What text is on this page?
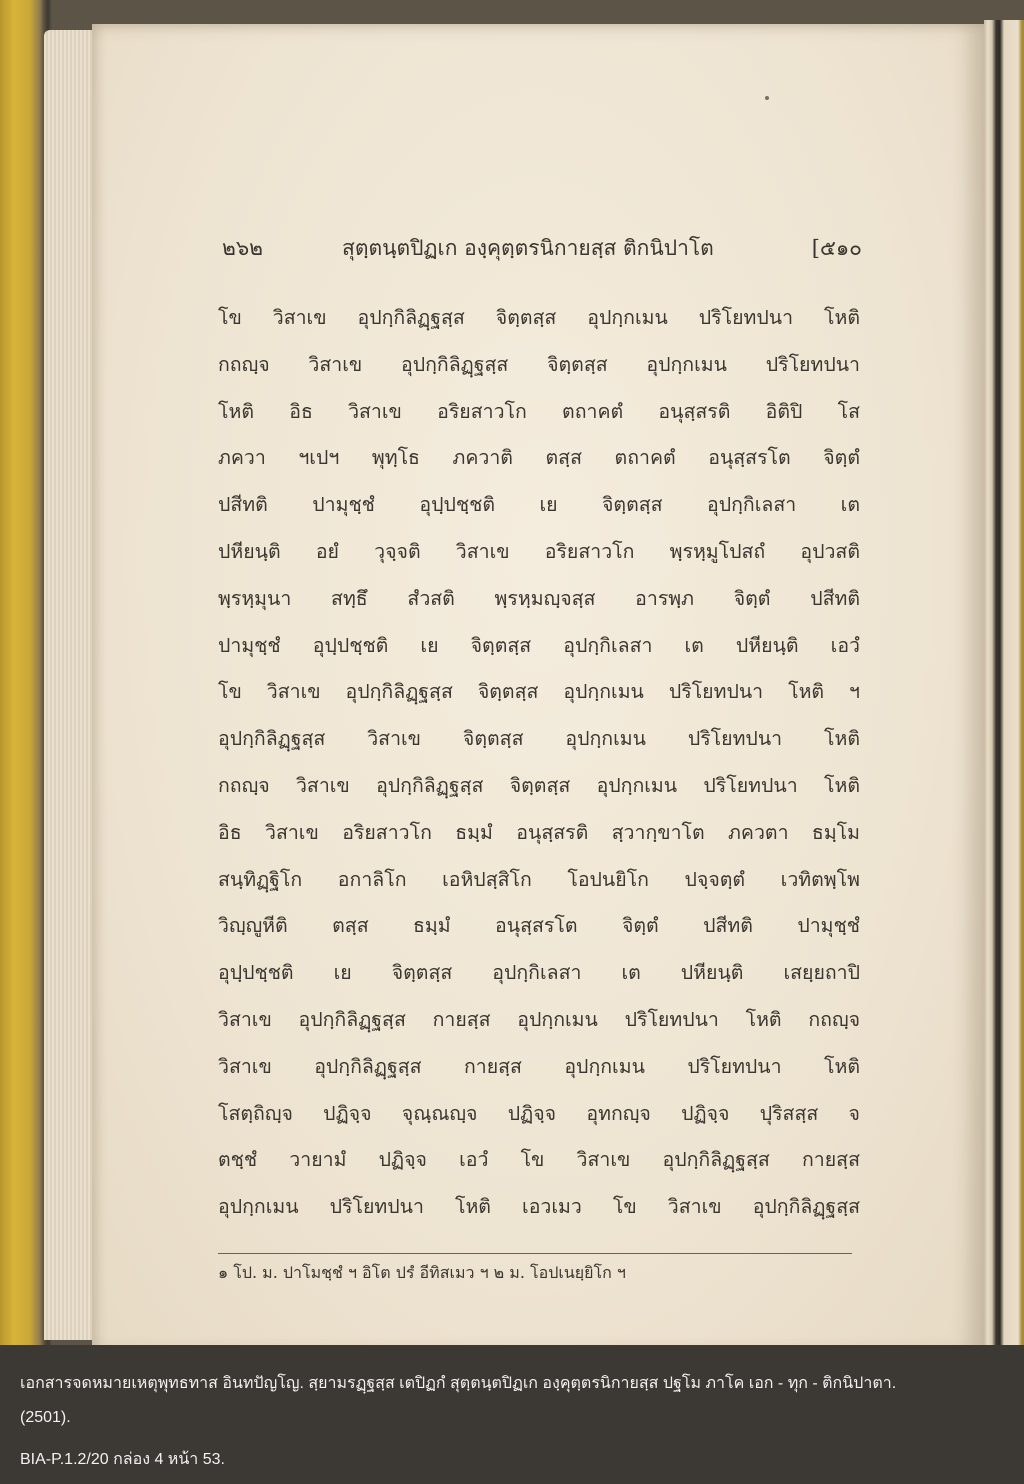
๒๖๒	สุตฺตนฺตปิฏเก องฺคุตฺตรนิกายสฺส ติกนิปาโต	[๕๑๐
โข วิสาเข อุปกฺกิลิฏฺฐสฺส จิตฺตสฺส อุปกฺกเมน ปริโยทปนา โหติ
กถญฺจ วิสาเข อุปกฺกิลิฏฺฐสฺส จิตฺตสฺส อุปกฺกเมน ปริโยทปนา
โหติ อิธ วิสาเข อริยสาวโก ตถาคตํ อนุสฺสรติ อิติปิ โส
ภควา ฯเปฯ พุทฺโธ ภควาติ ตสฺส ตถาคตํ อนุสฺสรโต จิตฺตํ
ปสีทติ ปามุชฺชํ อุปฺปชฺชติ เย จิตฺตสฺส อุปกฺกิเลสา เต
ปหียนฺติ อยํ วุจฺจติ วิสาเข อริยสาวโก พฺรหฺมูโปสถํ อุปวสติ
พฺรหฺมุนา สทฺธึ สํวสติ พฺรหฺมญฺจสฺส อารพฺภ จิตฺตํ ปสีทติ
ปามุชฺชํ อุปฺปชฺชติ เย จิตฺตสฺส อุปกฺกิเลสา เต ปหียนฺติ เอวํ
โข วิสาเข อุปกฺกิลิฏฺฐสฺส จิตฺตสฺส อุปกฺกเมน ปริโยทปนา โหติ ฯ
อุปกฺกิลิฏฺฐสฺส วิสาเข จิตฺตสฺส อุปกฺกเมน ปริโยทปนา โหติ
กถญฺจ วิสาเข อุปกฺกิลิฏฺฐสฺส จิตฺตสฺส อุปกฺกเมน ปริโยทปนา โหติ
อิธ วิสาเข อริยสาวโก ธมฺมํ อนุสฺสรติ สฺวากฺขาโต ภควตา ธมฺโม
สนฺทิฏฺฐิโก อกาลิโก เอหิปสฺสิโก โอปนยิโก ปจฺจตฺตํ เวทิตพฺโพ
วิญฺญูหีติ ตสฺส ธมฺมํ อนุสฺสรโต จิตฺตํ ปสีทติ ปามุชฺชํ
อุปฺปชฺชติ เย จิตฺตสฺส อุปกฺกิเลสา เต ปหียนฺติ เสยฺยถาปิ
วิสาเข อุปกฺกิลิฏฺฐสฺส กายสฺส อุปกฺกเมน ปริโยทปนา โหติ กถญฺจ
วิสาเข อุปกฺกิลิฏฺฐสฺส กายสฺส อุปกฺกเมน ปริโยทปนา โหติ
โสตฺถิญฺจ ปฏิจฺจ จุณฺณญฺจ ปฏิจฺจ อุทกญฺจ ปฏิจฺจ ปุริสสฺส จ
ตชฺชํ วายามํ ปฏิจฺจ เอวํ โข วิสาเข อุปกฺกิลิฏฺฐสฺส กายสฺส
อุปกฺกเมน ปริโยทปนา โหติ เอวเมว โข วิสาเข อุปกฺกิลิฏฺฐสฺส
๑ โป. ม. ปาโมชฺชํ ฯ อิโต ปรํ อีทิสเมว ฯ ๒ ม. โอปเนยฺยิโก ฯ
เอกสารจดหมายเหตุพุทธทาส อินทปัญโญ. สฺยามรฏฺฐสฺส เตปิฏกํ สุตฺตนฺตปิฏเก องฺคุตฺตรนิกายสฺส ปฐโม ภาโค เอก - ทุก - ติกนิปาตา.
(2501).
BIA-P.1.2/20 กล่อง 4 หน้า 53.
